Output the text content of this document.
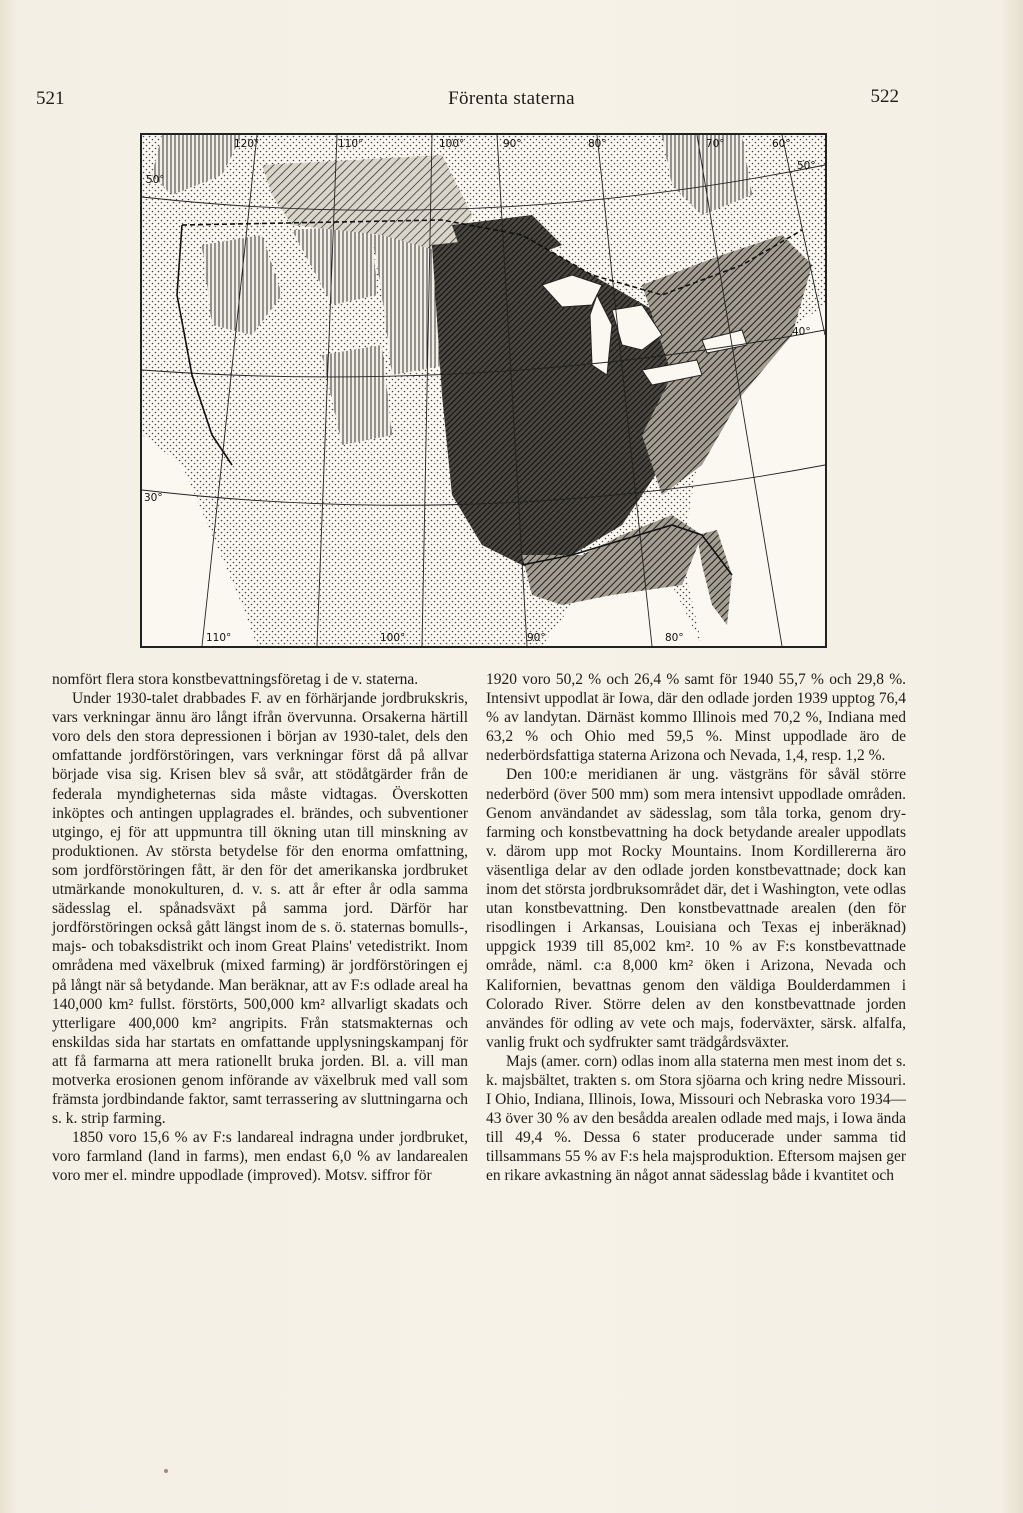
Förenta staterna
521	522
120°	110°	100°	90°	80°	70°	60°
110°	100°	90°	80°
50°
40°
30°
50°

nomfört flera stora konstbevattningsföretag i de v. staterna.

Under 1930-talet drabbades F. av en förhärjande jordbrukskris, vars verkningar ännu äro långt ifrån övervunna. Orsakerna härtill voro dels den stora depressionen i början av 1930-talet, dels den omfattande jordförstöringen, vars verkningar först då på allvar började visa sig. Krisen blev så svår, att stödåtgärder från de federala myndigheternas sida måste vidtagas. Överskotten inköptes och antingen upplagrades el. brändes, och subventioner utgingo, ej för att uppmuntra till ökning utan till minskning av produktionen. Av största betydelse för den enorma omfattning, som jordförstöringen fått, är den för det amerikanska jordbruket utmärkande monokulturen, d. v. s. att år efter år odla samma sädesslag el. spånadsväxt på samma jord. Därför har jordförstöringen också gått längst inom de s. ö. staternas bomulls-, majs- och tobaksdistrikt och inom Great Plains' vetedistrikt. Inom områdena med växelbruk (mixed farming) är jordförstöringen ej på långt när så betydande. Man beräknar, att av F:s odlade areal ha 140,000 km² fullst. förstörts, 500,000 km² allvarligt skadats och ytterligare 400,000 km² angripits. Från statsmakternas och enskildas sida har startats en omfattande upplysningskampanj för att få farmarna att mera rationellt bruka jorden. Bl. a. vill man motverka erosionen genom införande av växelbruk med vall som främsta jordbindande faktor, samt terrassering av sluttningarna och s. k. strip farming.

1850 voro 15,6 % av F:s landareal indragna under jordbruket, voro farmland (land in farms), men endast 6,0 % av landarealen voro mer el. mindre uppodlade (improved). Motsv. siffror för

1920 voro 50,2 % och 26,4 % samt för 1940 55,7 % och 29,8 %. Intensivt uppodlat är Iowa, där den odlade jorden 1939 upptog 76,4 % av landytan. Därnäst kommo Illinois med 70,2 %, Indiana med 63,2 % och Ohio med 59,5 %. Minst uppodlade äro de nederbördsfattiga staterna Arizona och Nevada, 1,4, resp. 1,2 %.

Den 100:e meridianen är ung. västgräns för såväl större nederbörd (över 500 mm) som mera intensivt uppodlade områden. Genom användandet av sädesslag, som tåla torka, genom dry-farming och konstbevattning ha dock betydande arealer uppodlats v. därom upp mot Rocky Mountains. Inom Kordillererna äro väsentliga delar av den odlade jorden konstbevattnade; dock kan inom det största jordbruksområdet där, det i Washington, vete odlas utan konstbevattning. Den konstbevattnade arealen (den för risodlingen i Arkansas, Louisiana och Texas ej inberäknad) uppgick 1939 till 85,002 km². 10 % av F:s konstbevattnade område, näml. c:a 8,000 km² öken i Arizona, Nevada och Kalifornien, bevattnas genom den väldiga Boulderdammen i Colorado River. Större delen av den konstbevattnade jorden användes för odling av vete och majs, foderväxter, särsk. alfalfa, vanlig frukt och sydfrukter samt trädgårdsväxter.

Majs (amer. corn) odlas inom alla staterna men mest inom det s. k. majsbältet, trakten s. om Stora sjöarna och kring nedre Missouri. I Ohio, Indiana, Illinois, Iowa, Missouri och Nebraska voro 1934—43 över 30 % av den besådda arealen odlade med majs, i Iowa ända till 49,4 %. Dessa 6 stater producerade under samma tid tillsammans 55 % av F:s hela majsproduktion. Eftersom majsen ger en rikare avkastning än något annat sädesslag både i kvantitet och
